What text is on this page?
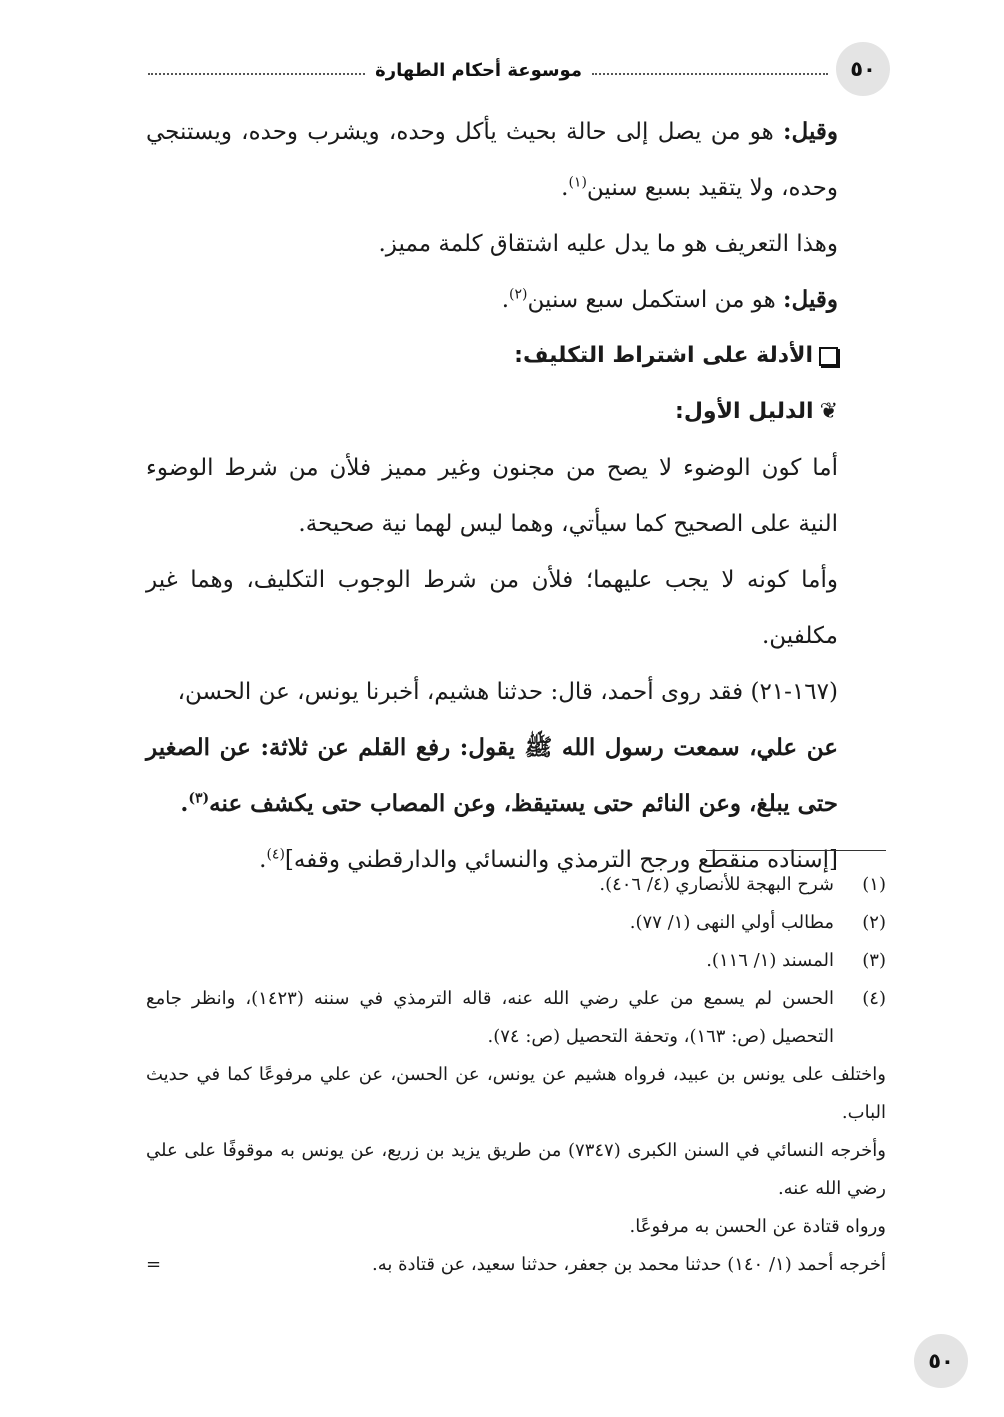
٥٠
موسوعة أحكام الطهارة

وقيل: هو من يصل إلى حالة بحيث يأكل وحده، ويشرب وحده، ويستنجي وحده، ولا يتقيد بسبع سنين$^{(١)}$.

وهذا التعريف هو ما يدل عليه اشتقاق كلمة مميز.

وقيل: هو من استكمل سبع سنين$^{(٢)}$.

الأدلة على اشتراط التكليف:

❦الدليل الأول:

أما كون الوضوء لا يصح من مجنون وغير مميز فلأن من شرط الوضوء النية على الصحيح كما سيأتي، وهما ليس لهما نية صحيحة.

وأما كونه لا يجب عليهما؛ فلأن من شرط الوجوب التكليف، وهما غير مكلفين.

(١٦٧-٢١) فقد روى أحمد، قال: حدثنا هشيم، أخبرنا يونس، عن الحسن،

عن علي، سمعت رسول الله ﷺ يقول: رفع القلم عن ثلاثة: عن الصغير حتى يبلغ، وعن النائم حتى يستيقظ، وعن المصاب حتى يكشف عنه$^{(٣)}$.

[إسناده منقطع ورجح الترمذي والنسائي والدارقطني وقفه]$^{(٤)}$.

(١)
شرح البهجة للأنصاري (٤/ ٤٠٦).
(٢)
مطالب أولي النهى (١/ ٧٧).
(٣)
المسند (١/ ١١٦).
(٤)
الحسن لم يسمع من علي رضي الله عنه، قاله الترمذي في سننه (١٤٢٣)، وانظر جامع التحصيل (ص: ١٦٣)، وتحفة التحصيل (ص: ٧٤).

واختلف على يونس بن عبيد، فرواه هشيم عن يونس، عن الحسن، عن علي مرفوعًا كما في حديث الباب.

وأخرجه النسائي في السنن الكبرى (٧٣٤٧) من طريق يزيد بن زريع، عن يونس به موقوفًا على علي رضي الله عنه.

ورواه قتادة عن الحسن به مرفوعًا.

أخرجه أحمد (١/ ١٤٠) حدثنا محمد بن جعفر، حدثنا سعيد، عن قتادة به.
=
٥٠
